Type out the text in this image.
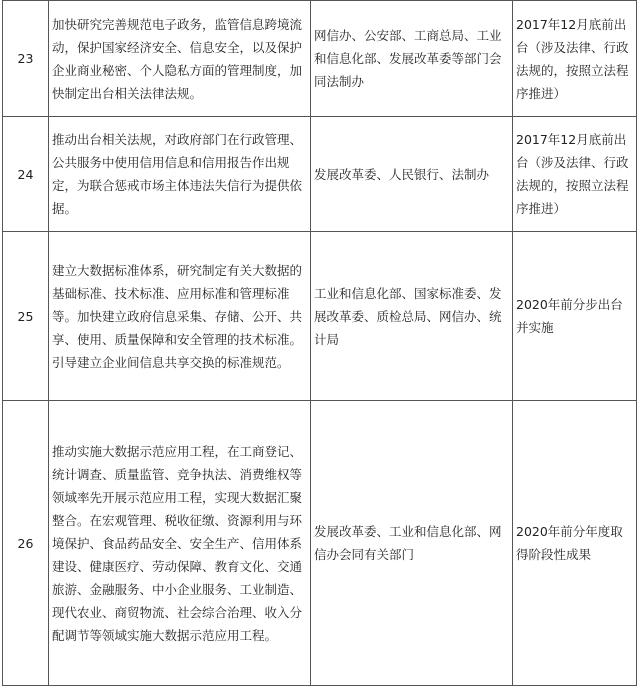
23	加快研究完善规范电子政务，监管信息跨境流动，保护国家经济安全、信息安全，以及保护企业商业秘密、个人隐私方面的管理制度，加快制定出台相关法律法规。	网信办、公安部、工商总局、工业和信息化部、发展改革委等部门会同法制办	2017年12月底前出台（涉及法律、行政法规的，按照立法程序推进）
24	推动出台相关法规，对政府部门在行政管理、公共服务中使用信用信息和信用报告作出规定，为联合惩戒市场主体违法失信行为提供依据。	发展改革委、人民银行、法制办	2017年12月底前出台（涉及法律、行政法规的，按照立法程序推进）
25	建立大数据标准体系，研究制定有关大数据的基础标准、技术标准、应用标准和管理标准等。加快建立政府信息采集、存储、公开、共享、使用、质量保障和安全管理的技术标准。引导建立企业间信息共享交换的标准规范。	工业和信息化部、国家标准委、发展改革委、质检总局、网信办、统计局	2020年前分步出台并实施
26	推动实施大数据示范应用工程，在工商登记、统计调查、质量监管、竞争执法、消费维权等领域率先开展示范应用工程，实现大数据汇聚整合。在宏观管理、税收征缴、资源利用与环境保护、食品药品安全、安全生产、信用体系建设、健康医疗、劳动保障、教育文化、交通旅游、金融服务、中小企业服务、工业制造、现代农业、商贸物流、社会综合治理、收入分配调节等领域实施大数据示范应用工程。	发展改革委、工业和信息化部、网信办会同有关部门	2020年前分年度取得阶段性成果
